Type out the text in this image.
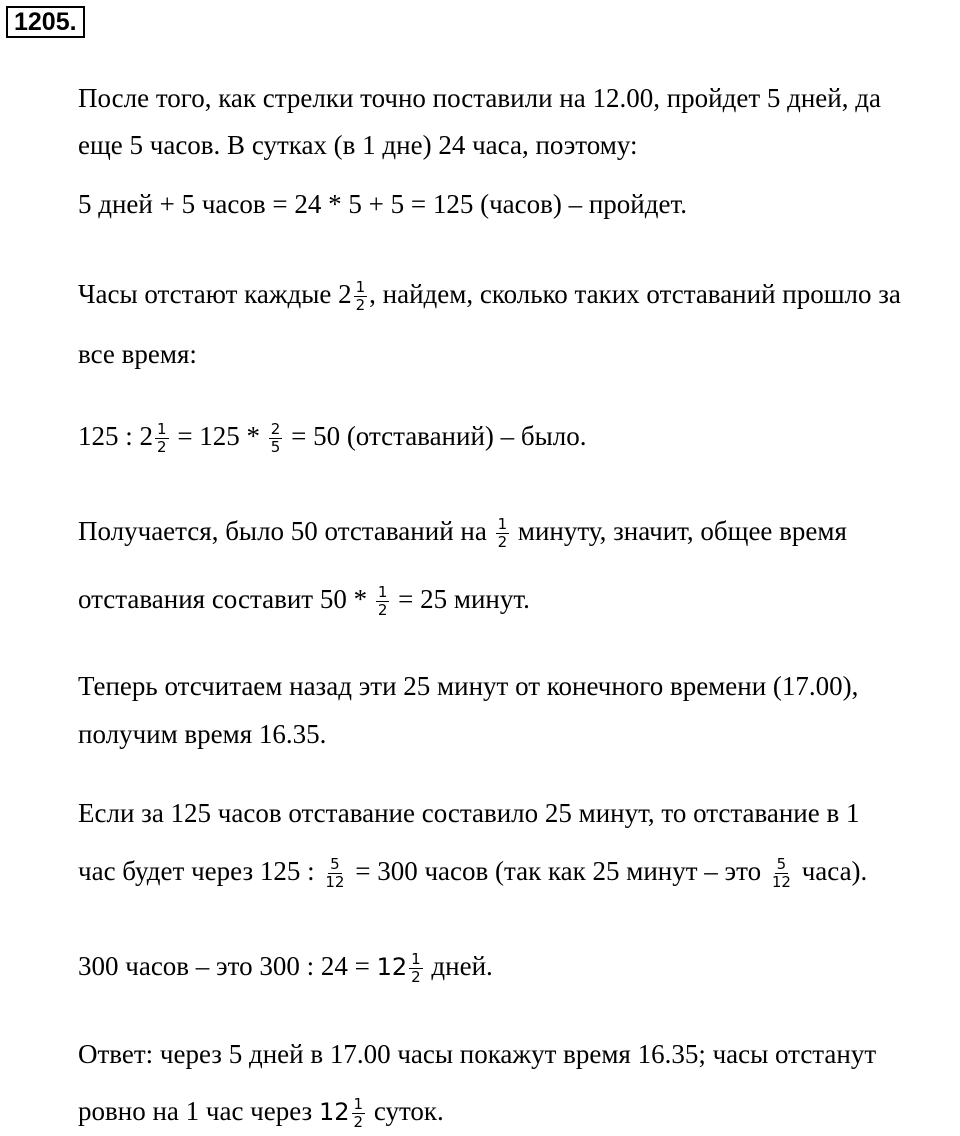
1205.
После того, как стрелки точно поставили на 12.00, пройдет 5 дней, да
еще 5 часов. В сутках (в 1 дне) 24 часа, поэтому:
5 дней + 5 часов = 24 * 5 + 5 = 125 (часов) – пройдет.
Часы отстают каждые $2 \frac{1}{2}$ , найдем, сколько таких отставаний прошло за
все время:
125 : $2 \frac{1}{2} = 125 * \frac{2}{5} = 50$ (отставаний) – было.
Получается, было 50 отставаний на $\frac{1}{2}$ минуту, значит, общее время
отставания составит $50 * \frac{1}{2} = 25$ минут.
Теперь отсчитаем назад эти 25 минут от конечного времени (17.00),
получим время 16.35.
Если за 125 часов отставание составило 25 минут, то отставание в 1
час будет через 125 : $\frac{5}{12} = 300$ часов (так как 25 минут – это $\frac{5}{12}$ часа).
300 часов – это 300 : $24 = 12 \frac{1}{2}$ дней.
Ответ: через 5 дней в 17.00 часы покажут время 16.35; часы отстанут
ровно на 1 час через $12 \frac{1}{2}$ суток.
